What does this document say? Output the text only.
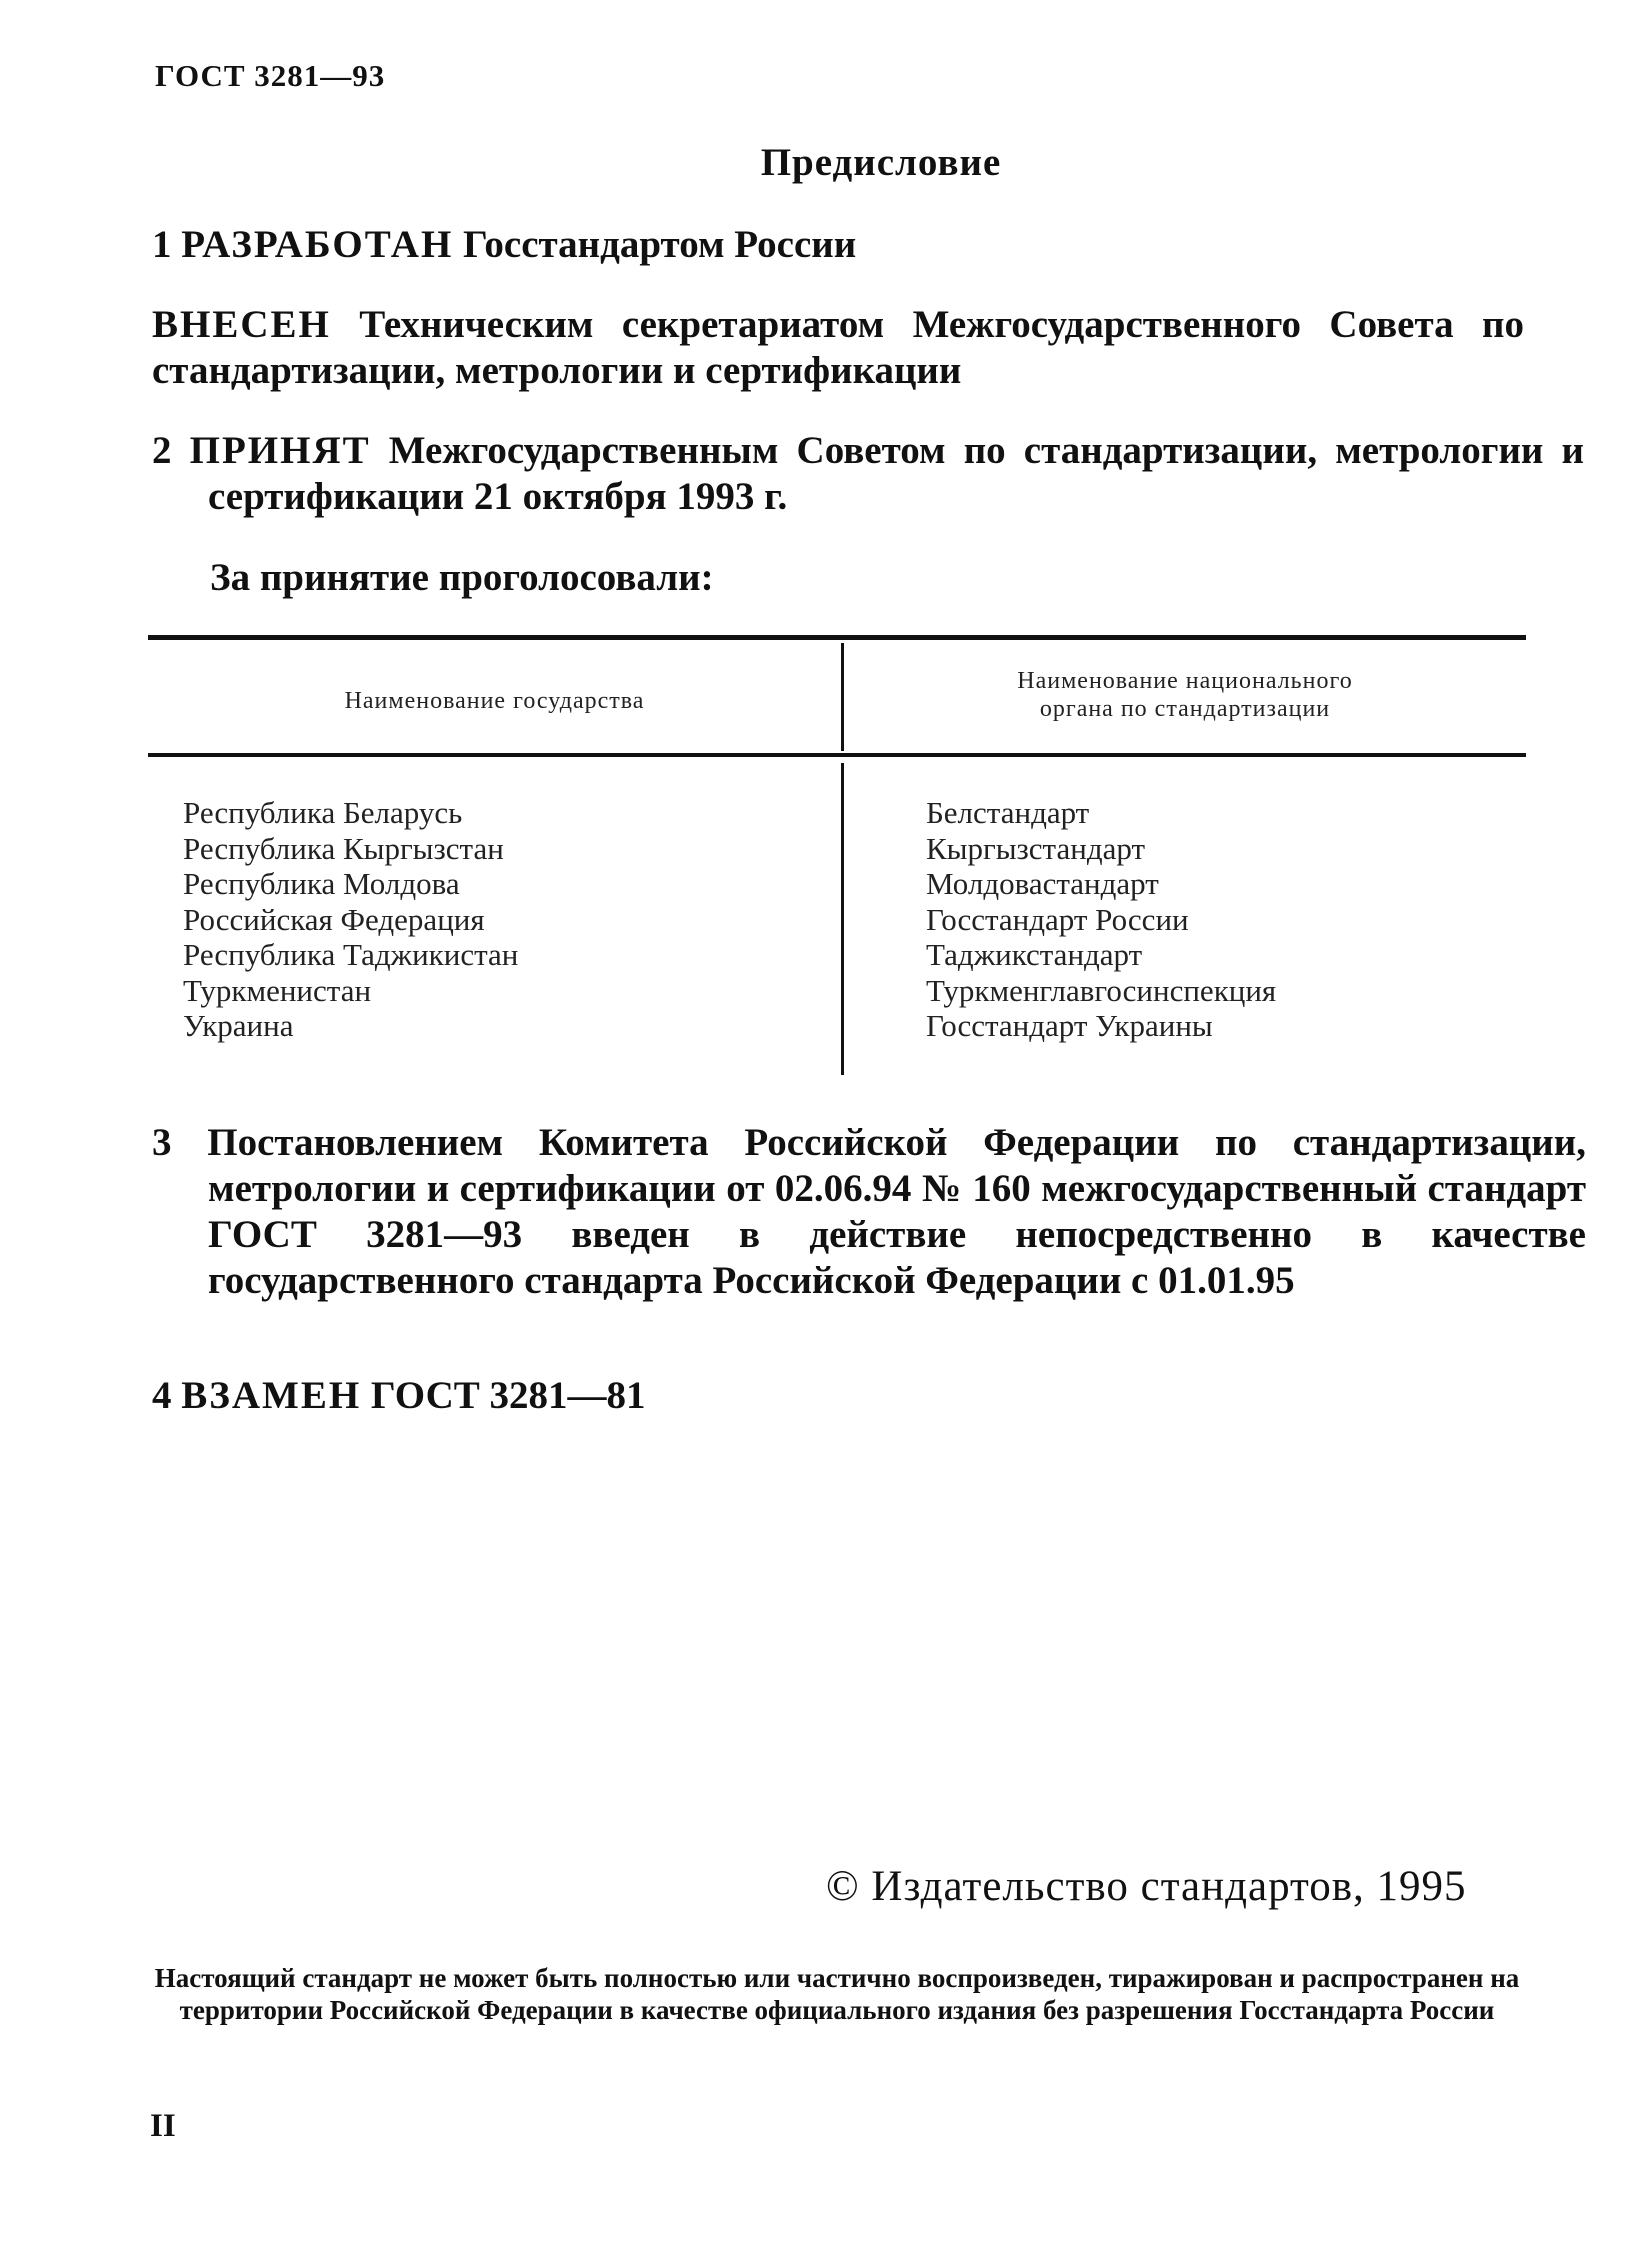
ГОСТ 3281—93
Предисловие
1 РАЗРАБОТАН Госстандартом России
ВНЕСЕН Техническим секретариатом Межгосударственного Совета по стандартизации, метрологии и сертификации
2 ПРИНЯТ Межгосударственным Советом по стандартизации, метрологии и сертификации 21 октября 1993 г.
За принятие проголосовали:
Наименование государства
Наименование национального
органа по стандартизации
Республика Беларусь
Республика Кыргызстан
Республика Молдова
Российская Федерация
Республика Таджикистан
Туркменистан
Украина
Белстандарт
Кыргызстандарт
Молдовастандарт
Госстандарт России
Таджикстандарт
Туркменглавгосинспекция
Госстандарт Украины
3 Постановлением Комитета Российской Федерации по стандартизации, метрологии и сертификации от 02.06.94 № 160 межгосударственный стандарт ГОСТ 3281—93 введен в действие непосредственно в качестве государственного стандарта Российской Федерации с 01.01.95
4 ВЗАМЕН ГОСТ 3281—81
© Издательство стандартов, 1995
Настоящий стандарт не может быть полностью или частично воспроизведен, тиражирован и распространен на территории Российской Федерации в качестве официального издания без разрешения Госстандарта России
II
